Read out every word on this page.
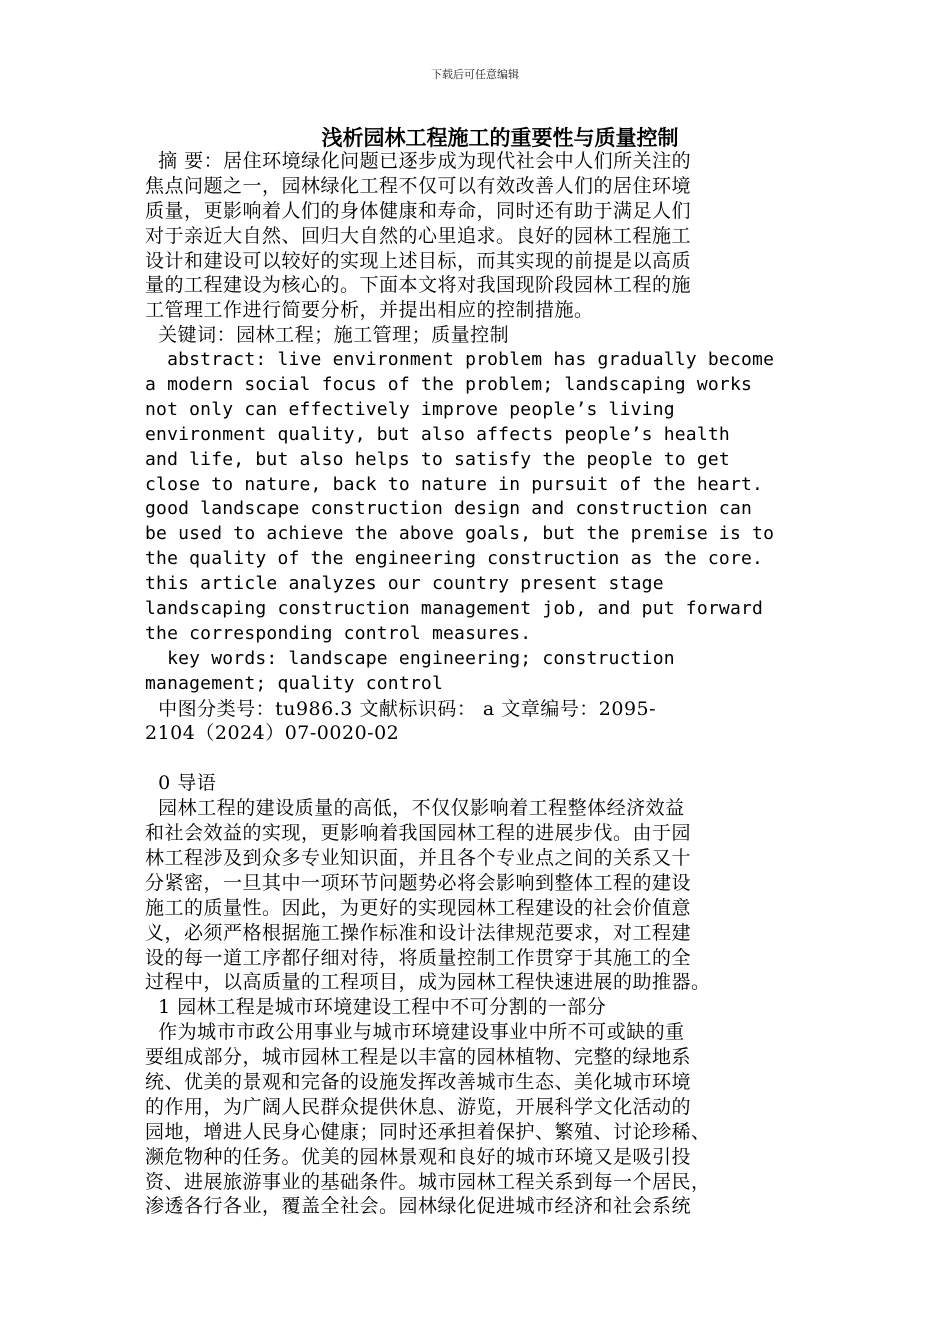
下载后可任意编辑
浅析园林工程施工的重要性与质量控制
摘 要：居住环境绿化问题已逐步成为现代社会中人们所关注的
焦点问题之一，园林绿化工程不仅可以有效改善人们的居住环境
质量，更影响着人们的身体健康和寿命，同时还有助于满足人们
对于亲近大自然、回归大自然的心里追求。良好的园林工程施工
设计和建设可以较好的实现上述目标，而其实现的前提是以高质
量的工程建设为核心的。下面本文将对我国现阶段园林工程的施
工管理工作进行简要分析，并提出相应的控制措施。
关键词：园林工程；施工管理；质量控制
abstract: live environment problem has gradually become
a modern social focus of the problem; landscaping works
not only can effectively improve people’s living
environment quality, but also affects people’s health
and life, but also helps to satisfy the people to get
close to nature, back to nature in pursuit of the heart.
good landscape construction design and construction can
be used to achieve the above goals, but the premise is to
the quality of the engineering construction as the core.
this article analyzes our country present stage
landscaping construction management job, and put forward
the corresponding control measures.
key words: landscape engineering; construction
management; quality control
中图分类号：tu986.3 文献标识码： a 文章编号：2095-
2104（2024）07-0020-02
0 导语
园林工程的建设质量的高低，不仅仅影响着工程整体经济效益
和社会效益的实现，更影响着我国园林工程的进展步伐。由于园
林工程涉及到众多专业知识面，并且各个专业点之间的关系又十
分紧密，一旦其中一项环节问题势必将会影响到整体工程的建设
施工的质量性。因此，为更好的实现园林工程建设的社会价值意
义，必须严格根据施工操作标准和设计法律规范要求，对工程建
设的每一道工序都仔细对待，将质量控制工作贯穿于其施工的全
过程中，以高质量的工程项目，成为园林工程快速进展的助推器。
1 园林工程是城市环境建设工程中不可分割的一部分
作为城市市政公用事业与城市环境建设事业中所不可或缺的重
要组成部分，城市园林工程是以丰富的园林植物、完整的绿地系
统、优美的景观和完备的设施发挥改善城市生态、美化城市环境
的作用，为广阔人民群众提供休息、游览，开展科学文化活动的
园地，增进人民身心健康；同时还承担着保护、繁殖、讨论珍稀、
濒危物种的任务。优美的园林景观和良好的城市环境又是吸引投
资、进展旅游事业的基础条件。城市园林工程关系到每一个居民，
渗透各行各业，覆盖全社会。园林绿化促进城市经济和社会系统
